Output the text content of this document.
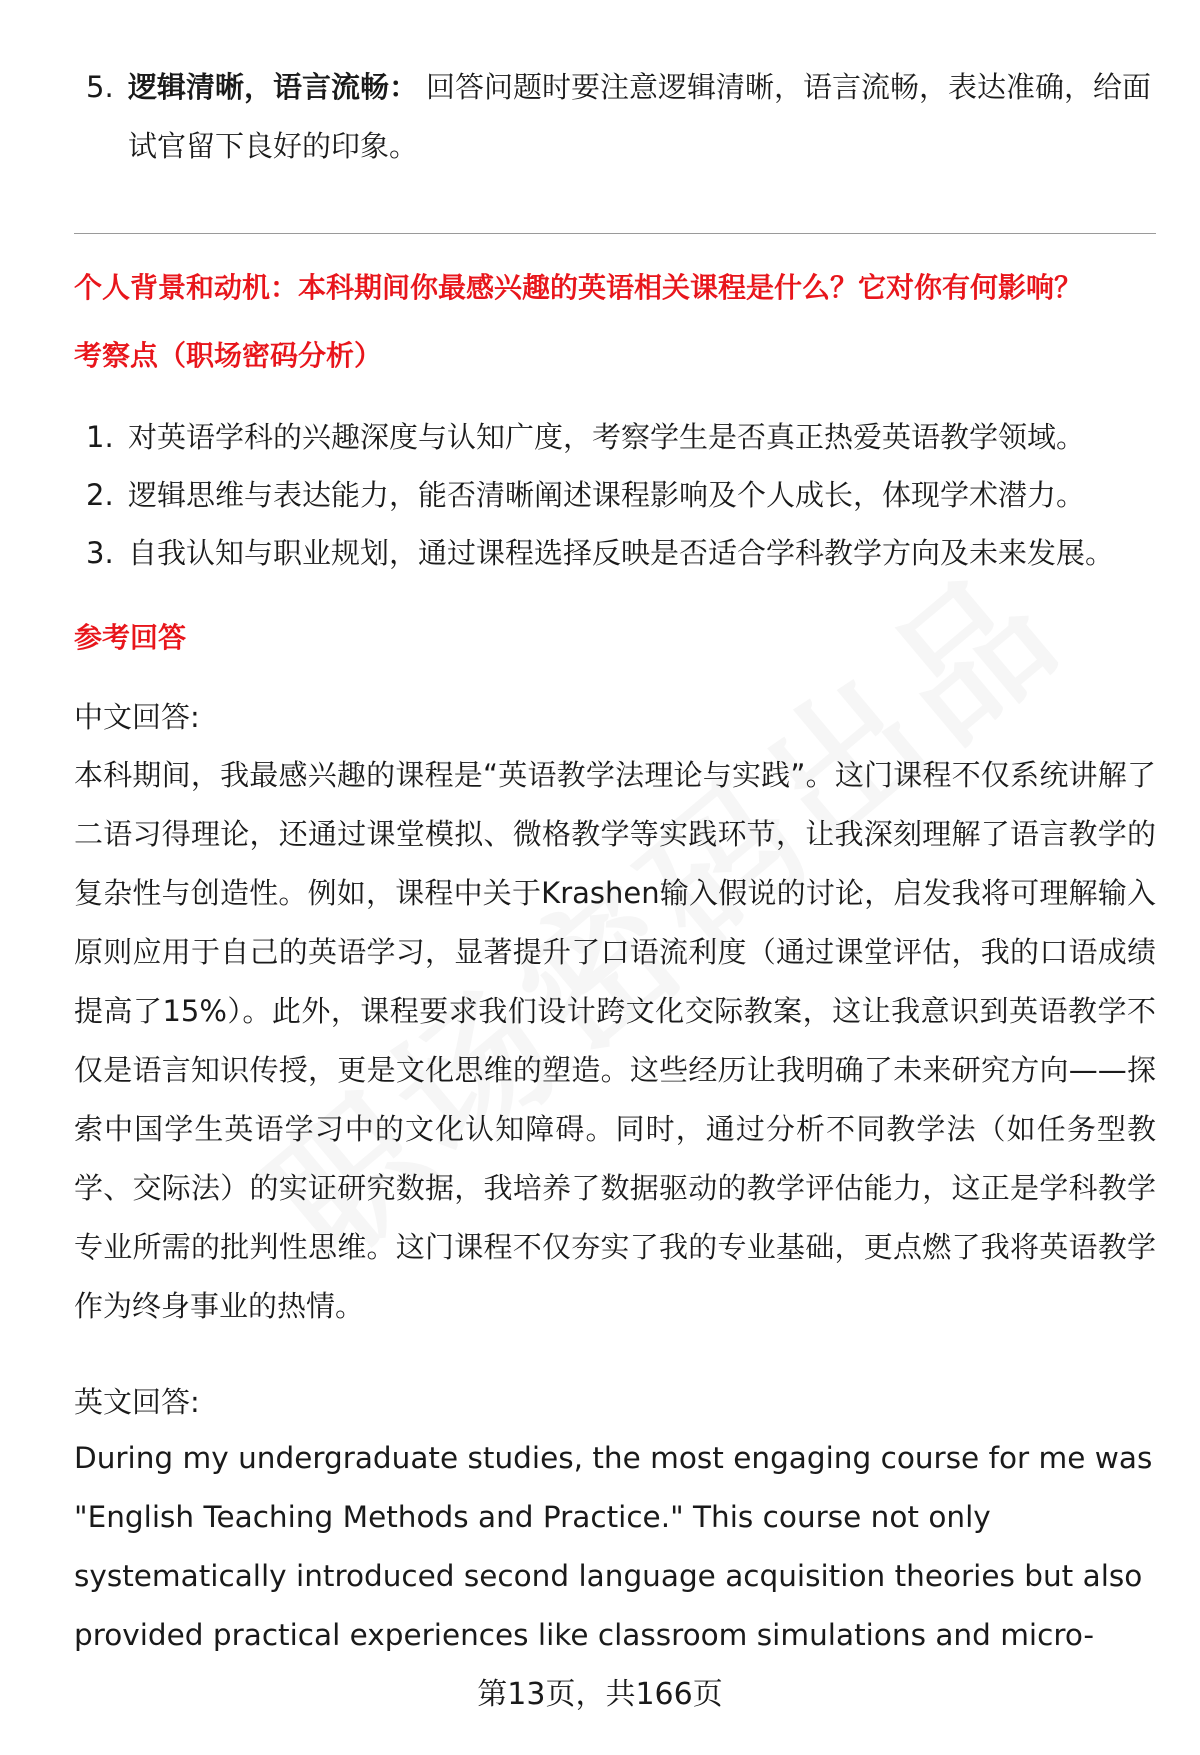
5. 逻辑清晰，语言流畅： 回答问题时要注意逻辑清晰，语言流畅，表达准确，给面试官留下良好的印象。
个人背景和动机：本科期间你最感兴趣的英语相关课程是什么？它对你有何影响？
考察点（职场密码分析）
1. 对英语学科的兴趣深度与认知广度，考察学生是否真正热爱英语教学领域。
2. 逻辑思维与表达能力，能否清晰阐述课程影响及个人成长，体现学术潜力。
3. 自我认知与职业规划，通过课程选择反映是否适合学科教学方向及未来发展。
参考回答
中文回答:
本科期间，我最感兴趣的课程是“英语教学法理论与实践”。这门课程不仅系统讲解了二语习得理论，还通过课堂模拟、微格教学等实践环节，让我深刻理解了语言教学的复杂性与创造性。例如，课程中关于Krashen输入假说的讨论，启发我将可理解输入原则应用于自己的英语学习，显著提升了口语流利度（通过课堂评估，我的口语成绩提高了15%）。此外，课程要求我们设计跨文化交际教案，这让我意识到英语教学不仅是语言知识传授，更是文化思维的塑造。这些经历让我明确了未来研究方向——探索中国学生英语学习中的文化认知障碍。同时，通过分析不同教学法（如任务型教学、交际法）的实证研究数据，我培养了数据驱动的教学评估能力，这正是学科教学专业所需的批判性思维。这门课程不仅夯实了我的专业基础，更点燃了我将英语教学作为终身事业的热情。
英文回答:
During my undergraduate studies, the most engaging course for me was "English Teaching Methods and Practice." This course not only systematically introduced second language acquisition theories but also provided practical experiences like classroom simulations and micro-
第13页，共166页
